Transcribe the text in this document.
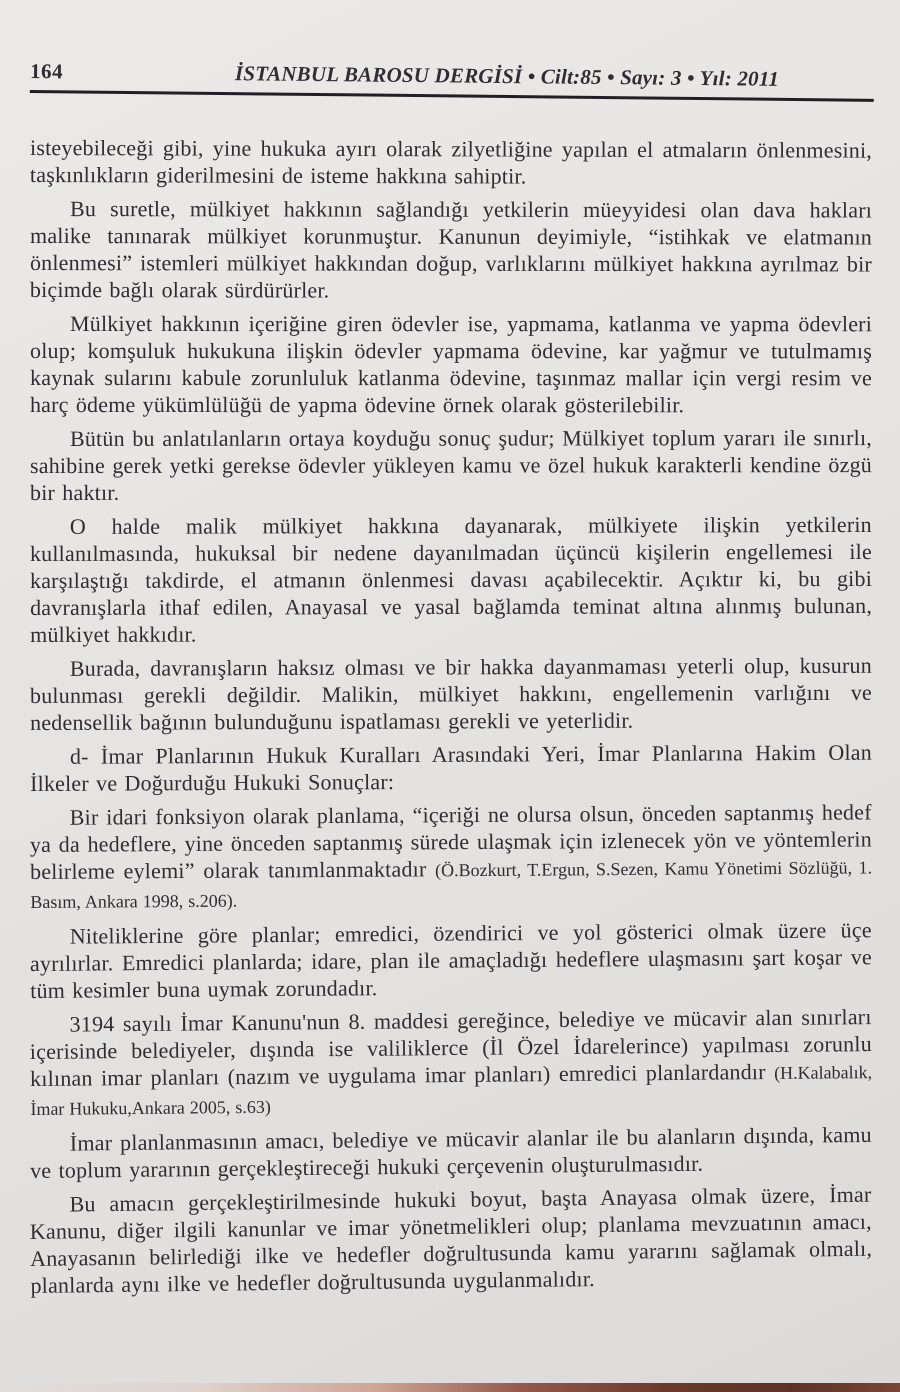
164	İSTANBUL BAROSU DERGİSİ • Cilt:85 • Sayı: 3 • Yıl: 2011

isteyebileceği gibi, yine hukuka ayırı olarak zilyetliğine yapılan el atmaların önlenmesini, taşkınlıkların giderilmesini de isteme hakkına sahiptir.

Bu suretle, mülkiyet hakkının sağlandığı yetkilerin müeyyidesi olan dava hakları malike tanınarak mülkiyet korunmuştur. Kanunun deyimiyle, “istihkak ve elatmanın önlenmesi” istemleri mülkiyet hakkından doğup, varlıklarını mülkiyet hakkına ayrılmaz bir biçimde bağlı olarak sürdürürler.

Mülkiyet hakkının içeriğine giren ödevler ise, yapmama, katlanma ve yapma ödevleri olup; komşuluk hukukuna ilişkin ödevler yapmama ödevine, kar yağmur ve tutulmamış kaynak sularını kabule zorunluluk katlanma ödevine, taşınmaz mallar için vergi resim ve harç ödeme yükümlülüğü de yapma ödevine örnek olarak gösterilebilir.

Bütün bu anlatılanların ortaya koyduğu sonuç şudur; Mülkiyet toplum yararı ile sınırlı, sahibine gerek yetki gerekse ödevler yükleyen kamu ve özel hukuk karakterli kendine özgü bir haktır.

O halde malik mülkiyet hakkına dayanarak, mülkiyete ilişkin yetkilerin kullanılmasında, hukuksal bir nedene dayanılmadan üçüncü kişilerin engellemesi ile karşılaştığı takdirde, el atmanın önlenmesi davası açabilecektir. Açıktır ki, bu gibi davranışlarla ithaf edilen, Anayasal ve yasal bağlamda teminat altına alınmış bulunan, mülkiyet hakkıdır.

Burada, davranışların haksız olması ve bir hakka dayanmaması yeterli olup, kusurun bulunması gerekli değildir. Malikin, mülkiyet hakkını, engellemenin varlığını ve nedensellik bağının bulunduğunu ispatlaması gerekli ve yeterlidir.

d- İmar Planlarının Hukuk Kuralları Arasındaki Yeri, İmar Planlarına Hakim Olan İlkeler ve Doğurduğu Hukuki Sonuçlar:

Bir idari fonksiyon olarak planlama, “içeriği ne olursa olsun, önceden saptanmış hedef ya da hedeflere, yine önceden saptanmış sürede ulaşmak için izlenecek yön ve yöntemlerin belirleme eylemi” olarak tanımlanmaktadır (Ö.Bozkurt, T.Ergun, S.Sezen, Kamu Yönetimi Sözlüğü, 1. Basım, Ankara 1998, s.206).

Niteliklerine göre planlar; emredici, özendirici ve yol gösterici olmak üzere üçe ayrılırlar. Emredici planlarda; idare, plan ile amaçladığı hedeflere ulaşmasını şart koşar ve tüm kesimler buna uymak zorundadır.

3194 sayılı İmar Kanunu'nun 8. maddesi gereğince, belediye ve mücavir alan sınırları içerisinde belediyeler, dışında ise valiliklerce (İl Özel İdarelerince) yapılması zorunlu kılınan imar planları (nazım ve uygulama imar planları) emredici planlardandır (H.Kalabalık, İmar Hukuku,Ankara 2005, s.63)

İmar planlanmasının amacı, belediye ve mücavir alanlar ile bu alanların dışında, kamu ve toplum yararının gerçekleştireceği hukuki çerçevenin oluşturulmasıdır.

Bu amacın gerçekleştirilmesinde hukuki boyut, başta Anayasa olmak üzere, İmar Kanunu, diğer ilgili kanunlar ve imar yönetmelikleri olup; planlama mevzuatının amacı, Anayasanın belirlediği ilke ve hedefler doğrultusunda kamu yararını sağlamak olmalı, planlarda aynı ilke ve hedefler doğrultusunda uygulanmalıdır.
